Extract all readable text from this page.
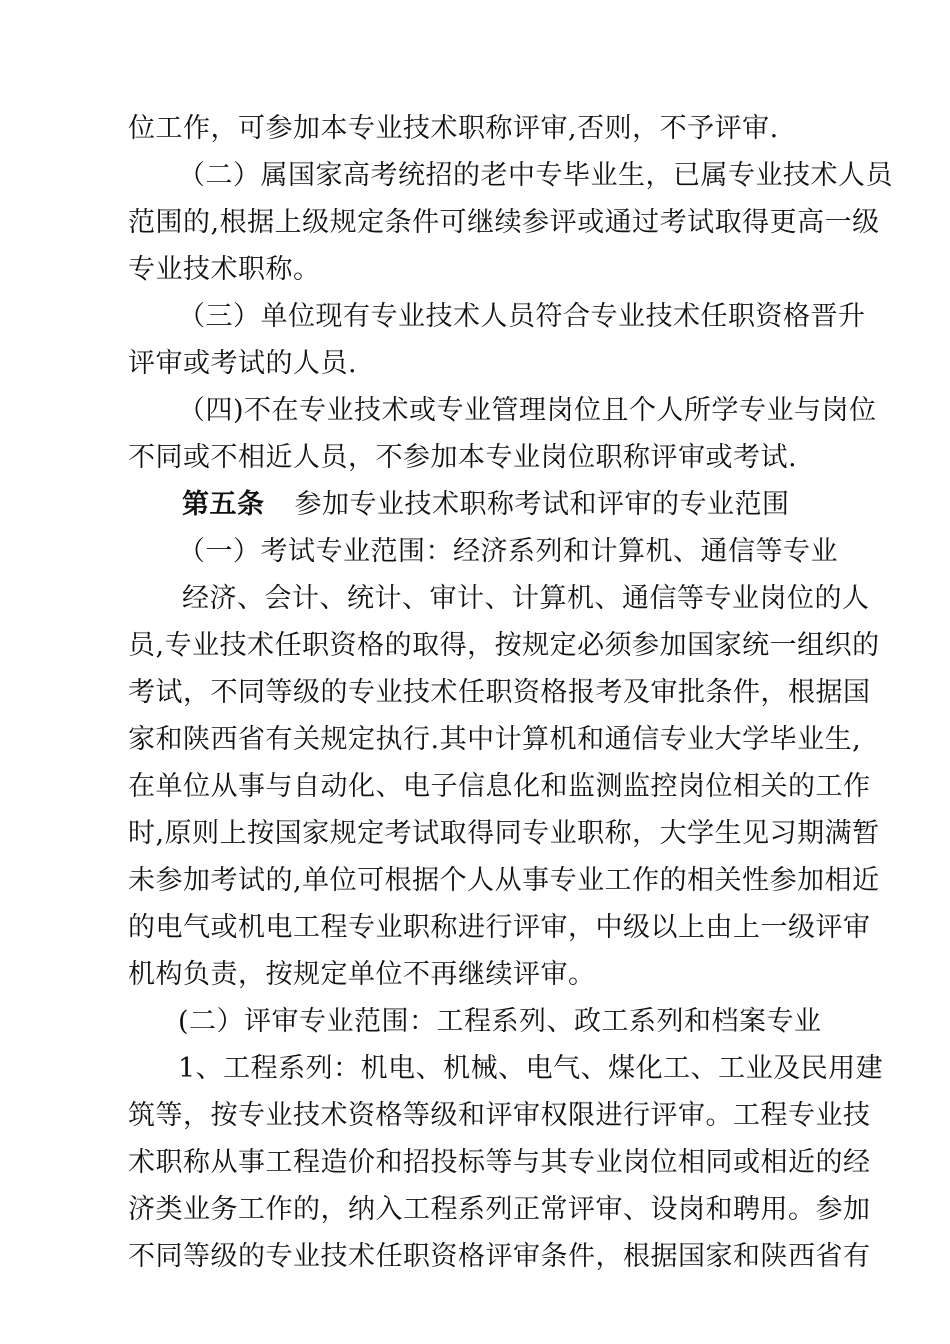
位工作，可参加本专业技术职称评审,否则，不予评审.
（二）属国家高考统招的老中专毕业生，已属专业技术人员
范围的,根据上级规定条件可继续参评或通过考试取得更高一级
专业技术职称。
（三）单位现有专业技术人员符合专业技术任职资格晋升
评审或考试的人员.
（四)不在专业技术或专业管理岗位且个人所学专业与岗位
不同或不相近人员，不参加本专业岗位职称评审或考试.
第五条 参加专业技术职称考试和评审的专业范围
（一）考试专业范围：经济系列和计算机、通信等专业
经济、会计、统计、审计、计算机、通信等专业岗位的人
员,专业技术任职资格的取得，按规定必须参加国家统一组织的
考试，不同等级的专业技术任职资格报考及审批条件，根据国
家和陕西省有关规定执行.其中计算机和通信专业大学毕业生,
在单位从事与自动化、电子信息化和监测监控岗位相关的工作
时,原则上按国家规定考试取得同专业职称，大学生见习期满暂
未参加考试的,单位可根据个人从事专业工作的相关性参加相近
的电气或机电工程专业职称进行评审，中级以上由上一级评审
机构负责，按规定单位不再继续评审。
(二）评审专业范围：工程系列、政工系列和档案专业
1、工程系列：机电、机械、电气、煤化工、工业及民用建
筑等，按专业技术资格等级和评审权限进行评审。工程专业技
术职称从事工程造价和招投标等与其专业岗位相同或相近的经
济类业务工作的，纳入工程系列正常评审、设岗和聘用。参加
不同等级的专业技术任职资格评审条件，根据国家和陕西省有
